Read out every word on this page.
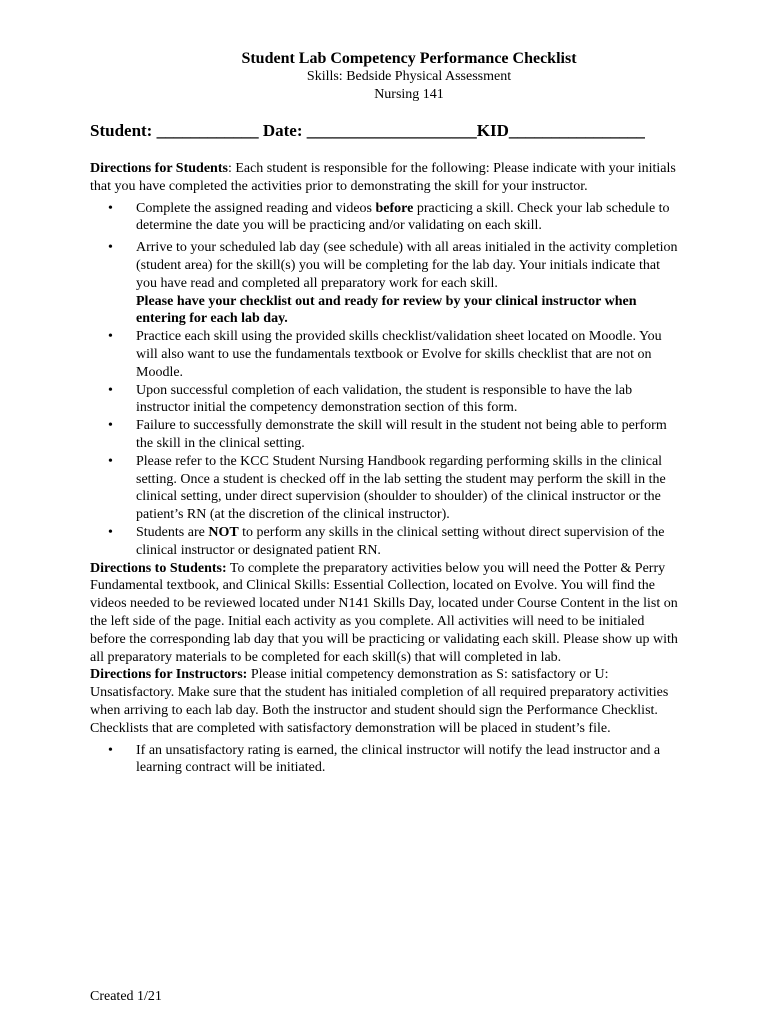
Student Lab Competency Performance Checklist
Skills: Bedside Physical Assessment
Nursing 141
Student: ____________ Date: ____________________KID________________

Directions for Students: Each student is responsible for the following: Please indicate with your initials that you have completed the activities prior to demonstrating the skill for your instructor.

• Complete the assigned reading and videos before practicing a skill. Check your lab schedule to determine the date you will be practicing and/or validating on each skill.
• Arrive to your scheduled lab day (see schedule) with all areas initialed in the activity completion (student area) for the skill(s) you will be completing for the lab day. Your initials indicate that you have read and completed all preparatory work for each skill.
Please have your checklist out and ready for review by your clinical instructor when entering for each lab day.
• Practice each skill using the provided skills checklist/validation sheet located on Moodle. You will also want to use the fundamentals textbook or Evolve for skills checklist that are not on Moodle.
• Upon successful completion of each validation, the student is responsible to have the lab instructor initial the competency demonstration section of this form.
• Failure to successfully demonstrate the skill will result in the student not being able to perform the skill in the clinical setting.
• Please refer to the KCC Student Nursing Handbook regarding performing skills in the clinical setting. Once a student is checked off in the lab setting the student may perform the skill in the clinical setting, under direct supervision (shoulder to shoulder) of the clinical instructor or the patient’s RN (at the discretion of the clinical instructor).
• Students are NOT to perform any skills in the clinical setting without direct supervision of the clinical instructor or designated patient RN.

Directions to Students: To complete the preparatory activities below you will need the Potter & Perry Fundamental textbook, and Clinical Skills: Essential Collection, located on Evolve. You will find the videos needed to be reviewed located under N141 Skills Day, located under Course Content in the list on the left side of the page. Initial each activity as you complete. All activities will need to be initialed before the corresponding lab day that you will be practicing or validating each skill. Please show up with all preparatory materials to be completed for each skill(s) that will completed in lab.

Directions for Instructors: Please initial competency demonstration as S: satisfactory or U: Unsatisfactory. Make sure that the student has initialed completion of all required preparatory activities when arriving to each lab day. Both the instructor and student should sign the Performance Checklist. Checklists that are completed with satisfactory demonstration will be placed in student’s file.

• If an unsatisfactory rating is earned, the clinical instructor will notify the lead instructor and a learning contract will be initiated.
Created 1/21
